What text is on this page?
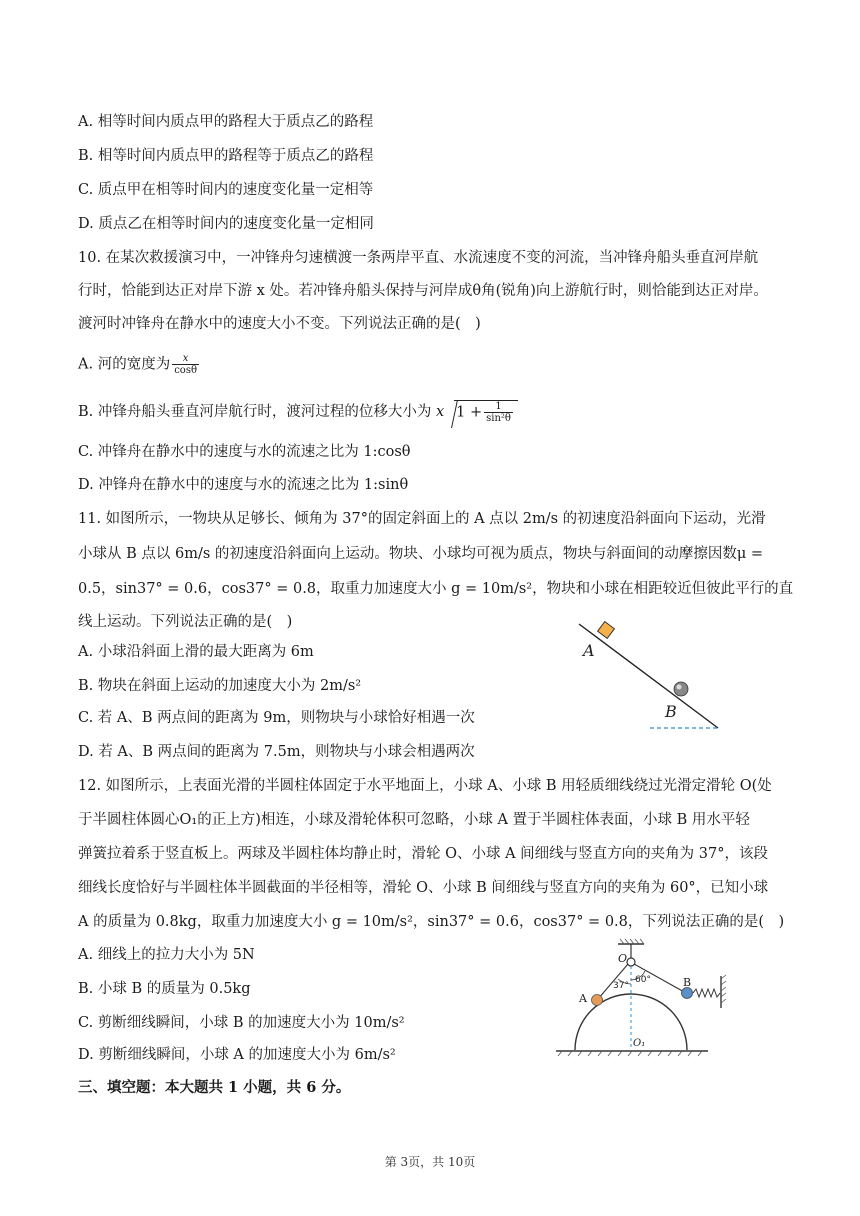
A. 相等时间内质点甲的路程大于质点乙的路程
B. 相等时间内质点甲的路程等于质点乙的路程
C. 质点甲在相等时间内的速度变化量一定相等
D. 质点乙在相等时间内的速度变化量一定相同
10. 在某次救援演习中，一冲锋舟匀速横渡一条两岸平直、水流速度不变的河流，当冲锋舟船头垂直河岸航
行时，恰能到达正对岸下游 x 处。若冲锋舟船头保持与河岸成θ角(锐角)向上游航行时，则恰能到达正对岸。
渡河时冲锋舟在静水中的速度大小不变。下列说法正确的是(　)
A. 河的宽度为 $\frac{x}{\cos\theta}$
B. 冲锋舟船头垂直河岸航行时，渡河过程的位移大小为 x $1 + \frac{1}{\text{sin²θ}}$
C. 冲锋舟在静水中的速度与水的流速之比为 1:cosθ
D. 冲锋舟在静水中的速度与水的流速之比为 1:sinθ
11. 如图所示，一物块从足够长、倾角为 37°的固定斜面上的 A 点以 2m/s 的初速度沿斜面向下运动，光滑
小球从 B 点以 6m/s 的初速度沿斜面向上运动。物块、小球均可视为质点，物块与斜面间的动摩擦因数μ =
0.5，sin37° = 0.6，cos37° = 0.8，取重力加速度大小 g = 10m/s²，物块和小球在相距较近但彼此平行的直
线上运动。下列说法正确的是(　)
A. 小球沿斜面上滑的最大距离为 6m
B. 物块在斜面上运动的加速度大小为 2m/s²
C. 若 A、B 两点间的距离为 9m，则物块与小球恰好相遇一次
D. 若 A、B 两点间的距离为 7.5m，则物块与小球会相遇两次
A
B
12. 如图所示，上表面光滑的半圆柱体固定于水平地面上，小球 A、小球 B 用轻质细线绕过光滑定滑轮 O(处
于半圆柱体圆心O₁的正上方)相连，小球及滑轮体积可忽略，小球 A 置于半圆柱体表面，小球 B 用水平轻
弹簧拉着系于竖直板上。两球及半圆柱体均静止时，滑轮 O、小球 A 间细线与竖直方向的夹角为 37°，该段
细线长度恰好与半圆柱体半圆截面的半径相等，滑轮 O、小球 B 间细线与竖直方向的夹角为 60°，已知小球
A 的质量为 0.8kg，取重力加速度大小 g = 10m/s²，sin37° = 0.6，cos37° = 0.8，下列说法正确的是(　)
A. 细线上的拉力大小为 5N
B. 小球 B 的质量为 0.5kg
C. 剪断细线瞬间，小球 B 的加速度大小为 10m/s²
D. 剪断细线瞬间，小球 A 的加速度大小为 6m/s²
O
A
B
37°
60°
O₁
三、填空题：本大题共 1 小题，共 6 分。
第 3页，共 10页
